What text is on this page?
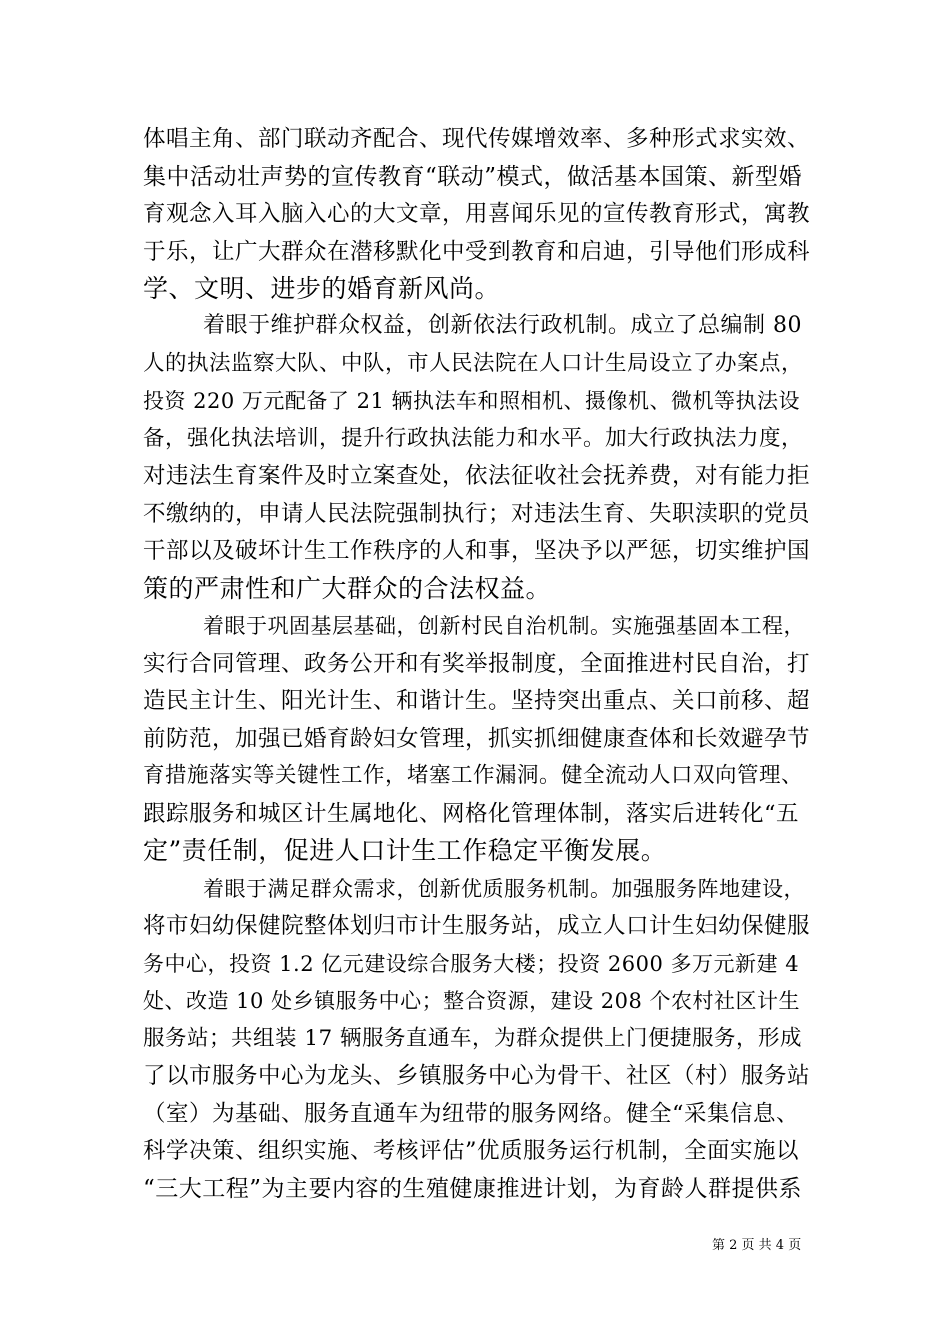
体唱主角、部门联动齐配合、现代传媒增效率、多种形式求实效、
集中活动壮声势的宣传教育“联动”模式，做活基本国策、新型婚
育观念入耳入脑入心的大文章，用喜闻乐见的宣传教育形式，寓教
于乐，让广大群众在潜移默化中受到教育和启迪，引导他们形成科
学、文明、进步的婚育新风尚。
着眼于维护群众权益，创新依法行政机制。成立了总编制 80
人的执法监察大队、中队，市人民法院在人口计生局设立了办案点，
投资 220 万元配备了 21 辆执法车和照相机、摄像机、微机等执法设
备，强化执法培训，提升行政执法能力和水平。加大行政执法力度，
对违法生育案件及时立案查处，依法征收社会抚养费，对有能力拒
不缴纳的，申请人民法院强制执行；对违法生育、失职渎职的党员
干部以及破坏计生工作秩序的人和事，坚决予以严惩，切实维护国
策的严肃性和广大群众的合法权益。
着眼于巩固基层基础，创新村民自治机制。实施强基固本工程，
实行合同管理、政务公开和有奖举报制度，全面推进村民自治，打
造民主计生、阳光计生、和谐计生。坚持突出重点、关口前移、超
前防范，加强已婚育龄妇女管理，抓实抓细健康查体和长效避孕节
育措施落实等关键性工作，堵塞工作漏洞。健全流动人口双向管理、
跟踪服务和城区计生属地化、网格化管理体制，落实后进转化“五
定”责任制，促进人口计生工作稳定平衡发展。
着眼于满足群众需求，创新优质服务机制。加强服务阵地建设，
将市妇幼保健院整体划归市计生服务站，成立人口计生妇幼保健服
务中心，投资 1.2 亿元建设综合服务大楼；投资 2600 多万元新建 4
处、改造 10 处乡镇服务中心；整合资源，建设 208 个农村社区计生
服务站；共组装 17 辆服务直通车，为群众提供上门便捷服务，形成
了以市服务中心为龙头、乡镇服务中心为骨干、社区（村）服务站
（室）为基础、服务直通车为纽带的服务网络。健全“采集信息、
科学决策、组织实施、考核评估”优质服务运行机制，全面实施以
“三大工程”为主要内容的生殖健康推进计划，为育龄人群提供系
第 2 页 共 4 页
